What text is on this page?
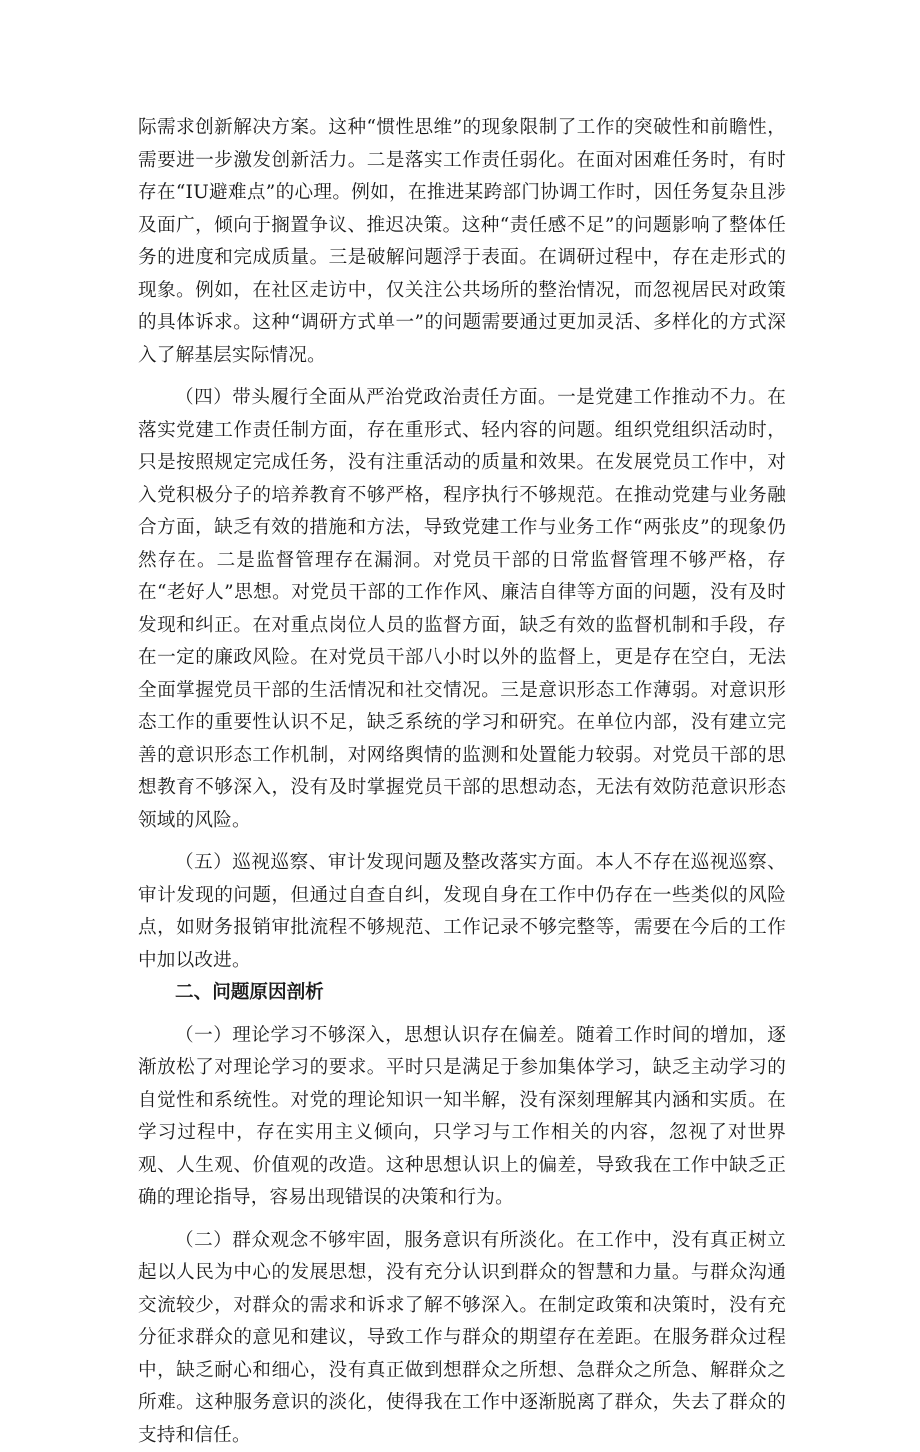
际需求创新解决方案。这种“惯性思维”的现象限制了工作的突破性和前瞻性，需要进一步激发创新活力。二是落实工作责任弱化。在面对困难任务时，有时存在“IU避难点”的心理。例如，在推进某跨部门协调工作时，因任务复杂且涉及面广，倾向于搁置争议、推迟决策。这种“责任感不足”的问题影响了整体任务的进度和完成质量。三是破解问题浮于表面。在调研过程中，存在走形式的现象。例如，在社区走访中，仅关注公共场所的整治情况，而忽视居民对政策的具体诉求。这种“调研方式单一”的问题需要通过更加灵活、多样化的方式深入了解基层实际情况。

（四）带头履行全面从严治党政治责任方面。一是党建工作推动不力。在落实党建工作责任制方面，存在重形式、轻内容的问题。组织党组织活动时，只是按照规定完成任务，没有注重活动的质量和效果。在发展党员工作中，对入党积极分子的培养教育不够严格，程序执行不够规范。在推动党建与业务融合方面，缺乏有效的措施和方法，导致党建工作与业务工作“两张皮”的现象仍然存在。二是监督管理存在漏洞。对党员干部的日常监督管理不够严格，存在“老好人”思想。对党员干部的工作作风、廉洁自律等方面的问题，没有及时发现和纠正。在对重点岗位人员的监督方面，缺乏有效的监督机制和手段，存在一定的廉政风险。在对党员干部八小时以外的监督上，更是存在空白，无法全面掌握党员干部的生活情况和社交情况。三是意识形态工作薄弱。对意识形态工作的重要性认识不足，缺乏系统的学习和研究。在单位内部，没有建立完善的意识形态工作机制，对网络舆情的监测和处置能力较弱。对党员干部的思想教育不够深入，没有及时掌握党员干部的思想动态，无法有效防范意识形态领域的风险。

（五）巡视巡察、审计发现问题及整改落实方面。本人不存在巡视巡察、审计发现的问题，但通过自查自纠，发现自身在工作中仍存在一些类似的风险点，如财务报销审批流程不够规范、工作记录不够完整等，需要在今后的工作中加以改进。

二、问题原因剖析

（一）理论学习不够深入，思想认识存在偏差。随着工作时间的增加，逐渐放松了对理论学习的要求。平时只是满足于参加集体学习，缺乏主动学习的自觉性和系统性。对党的理论知识一知半解，没有深刻理解其内涵和实质。在学习过程中，存在实用主义倾向，只学习与工作相关的内容，忽视了对世界观、人生观、价值观的改造。这种思想认识上的偏差，导致我在工作中缺乏正确的理论指导，容易出现错误的决策和行为。

（二）群众观念不够牢固，服务意识有所淡化。在工作中，没有真正树立起以人民为中心的发展思想，没有充分认识到群众的智慧和力量。与群众沟通交流较少，对群众的需求和诉求了解不够深入。在制定政策和决策时，没有充分征求群众的意见和建议，导致工作与群众的期望存在差距。在服务群众过程中，缺乏耐心和细心，没有真正做到想群众之所想、急群众之所急、解群众之所难。这种服务意识的淡化，使得我在工作中逐渐脱离了群众，失去了群众的支持和信任。
